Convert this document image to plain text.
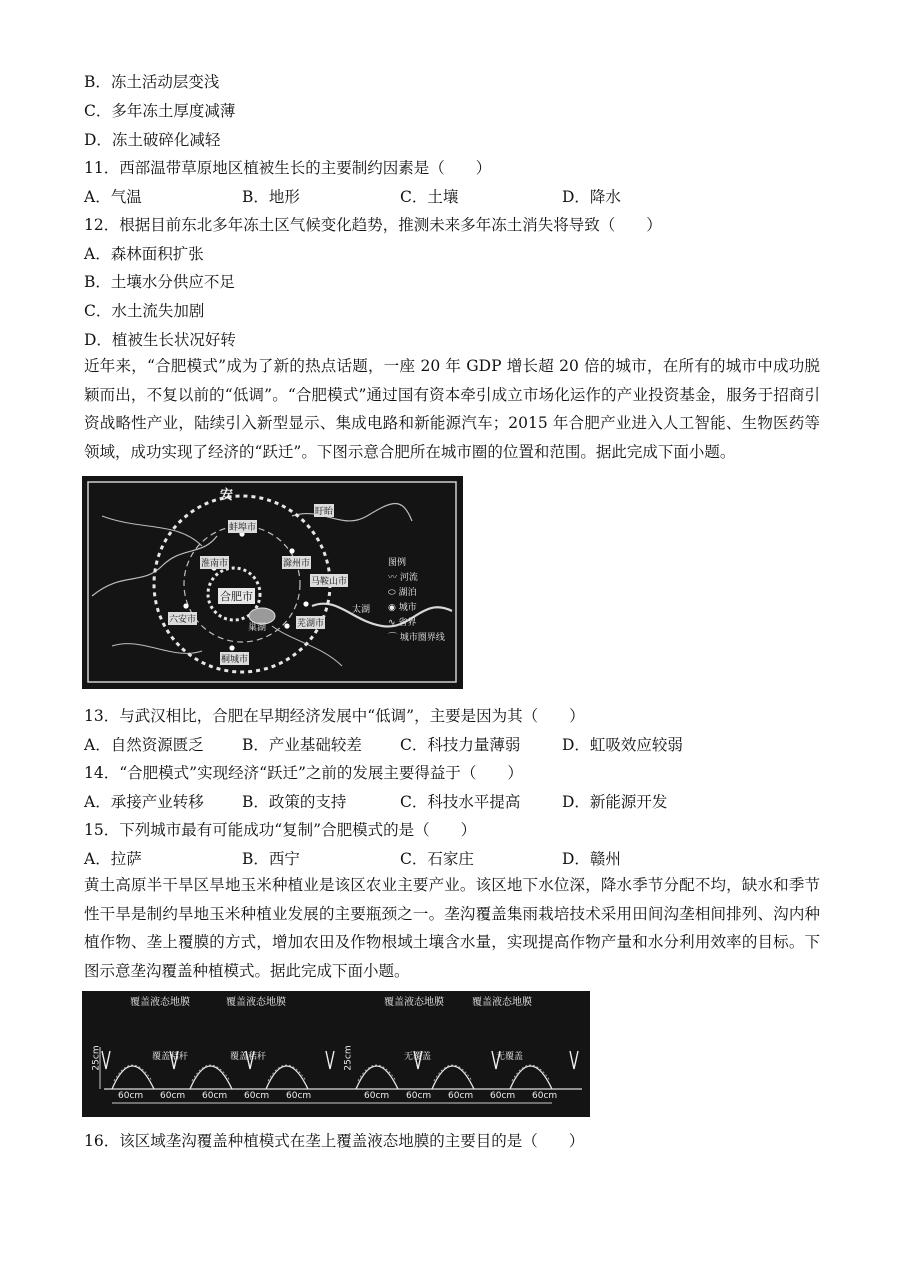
B．冻土活动层变浅
C．多年冻土厚度减薄
D．冻土破碎化减轻
11．西部温带草原地区植被生长的主要制约因素是（　　）
A．气温	B．地形	C．土壤	D．降水
12．根据目前东北多年冻土区气候变化趋势，推测未来多年冻土消失将导致（　　）
A．森林面积扩张
B．土壤水分供应不足
C．水土流失加剧
D．植被生长状况好转
近年来，“合肥模式”成为了新的热点话题，一座 20 年 GDP 增长超 20 倍的城市，在所有的城市中成功脱颖而出，不复以前的“低调”。“合肥模式”通过国有资本牵引成立市场化运作的产业投资基金，服务于招商引资战略性产业，陆续引入新型显示、集成电路和新能源汽车；2015 年合肥产业进入人工智能、生物医药等领域，成功实现了经济的“跃迁”。下图示意合肥所在城市圈的位置和范围。据此完成下面小题。
安
蚌埠市
淮南市	滁州市
马鞍山市
合肥市
六安市	芜湖市
桐城市
巢湖
盱眙
太湖
图例
〰 河流
⬭ 湖泊
◉ 城市
∿ 省界
⌒ 城市圈界线
13．与武汉相比，合肥在早期经济发展中“低调”，主要是因为其（　　）
A．自然资源匮乏 B．产业基础较差 C．科技力量薄弱	D．虹吸效应较弱
14．“合肥模式”实现经济“跃迁”之前的发展主要得益于（　　）
A．承接产业转移 B．政策的支持	C．科技水平提高	D．新能源开发
15．下列城市最有可能成功“复制”合肥模式的是（　　）
A．拉萨	B．西宁	C．石家庄	D．赣州
黄土高原半干旱区旱地玉米种植业是该区农业主要产业。该区地下水位深，降水季节分配不均，缺水和季节性干旱是制约旱地玉米种植业发展的主要瓶颈之一。垄沟覆盖集雨栽培技术采用田间沟垄相间排列、沟内种植作物、垄上覆膜的方式，增加农田及作物根域土壤含水量，实现提高作物产量和水分利用效率的目标。下图示意垄沟覆盖种植模式。据此完成下面小题。
覆盖液态地膜	覆盖液态地膜	覆盖液态地膜	覆盖液态地膜
覆盖秸秆	覆盖秸秆	无覆盖	无覆盖
25cm	25cm
60cm 60cm 60cm 60cm 60cm	60cm 60cm 60cm 60cm 60cm
16．该区域垄沟覆盖种植模式在垄上覆盖液态地膜的主要目的是（　　）
